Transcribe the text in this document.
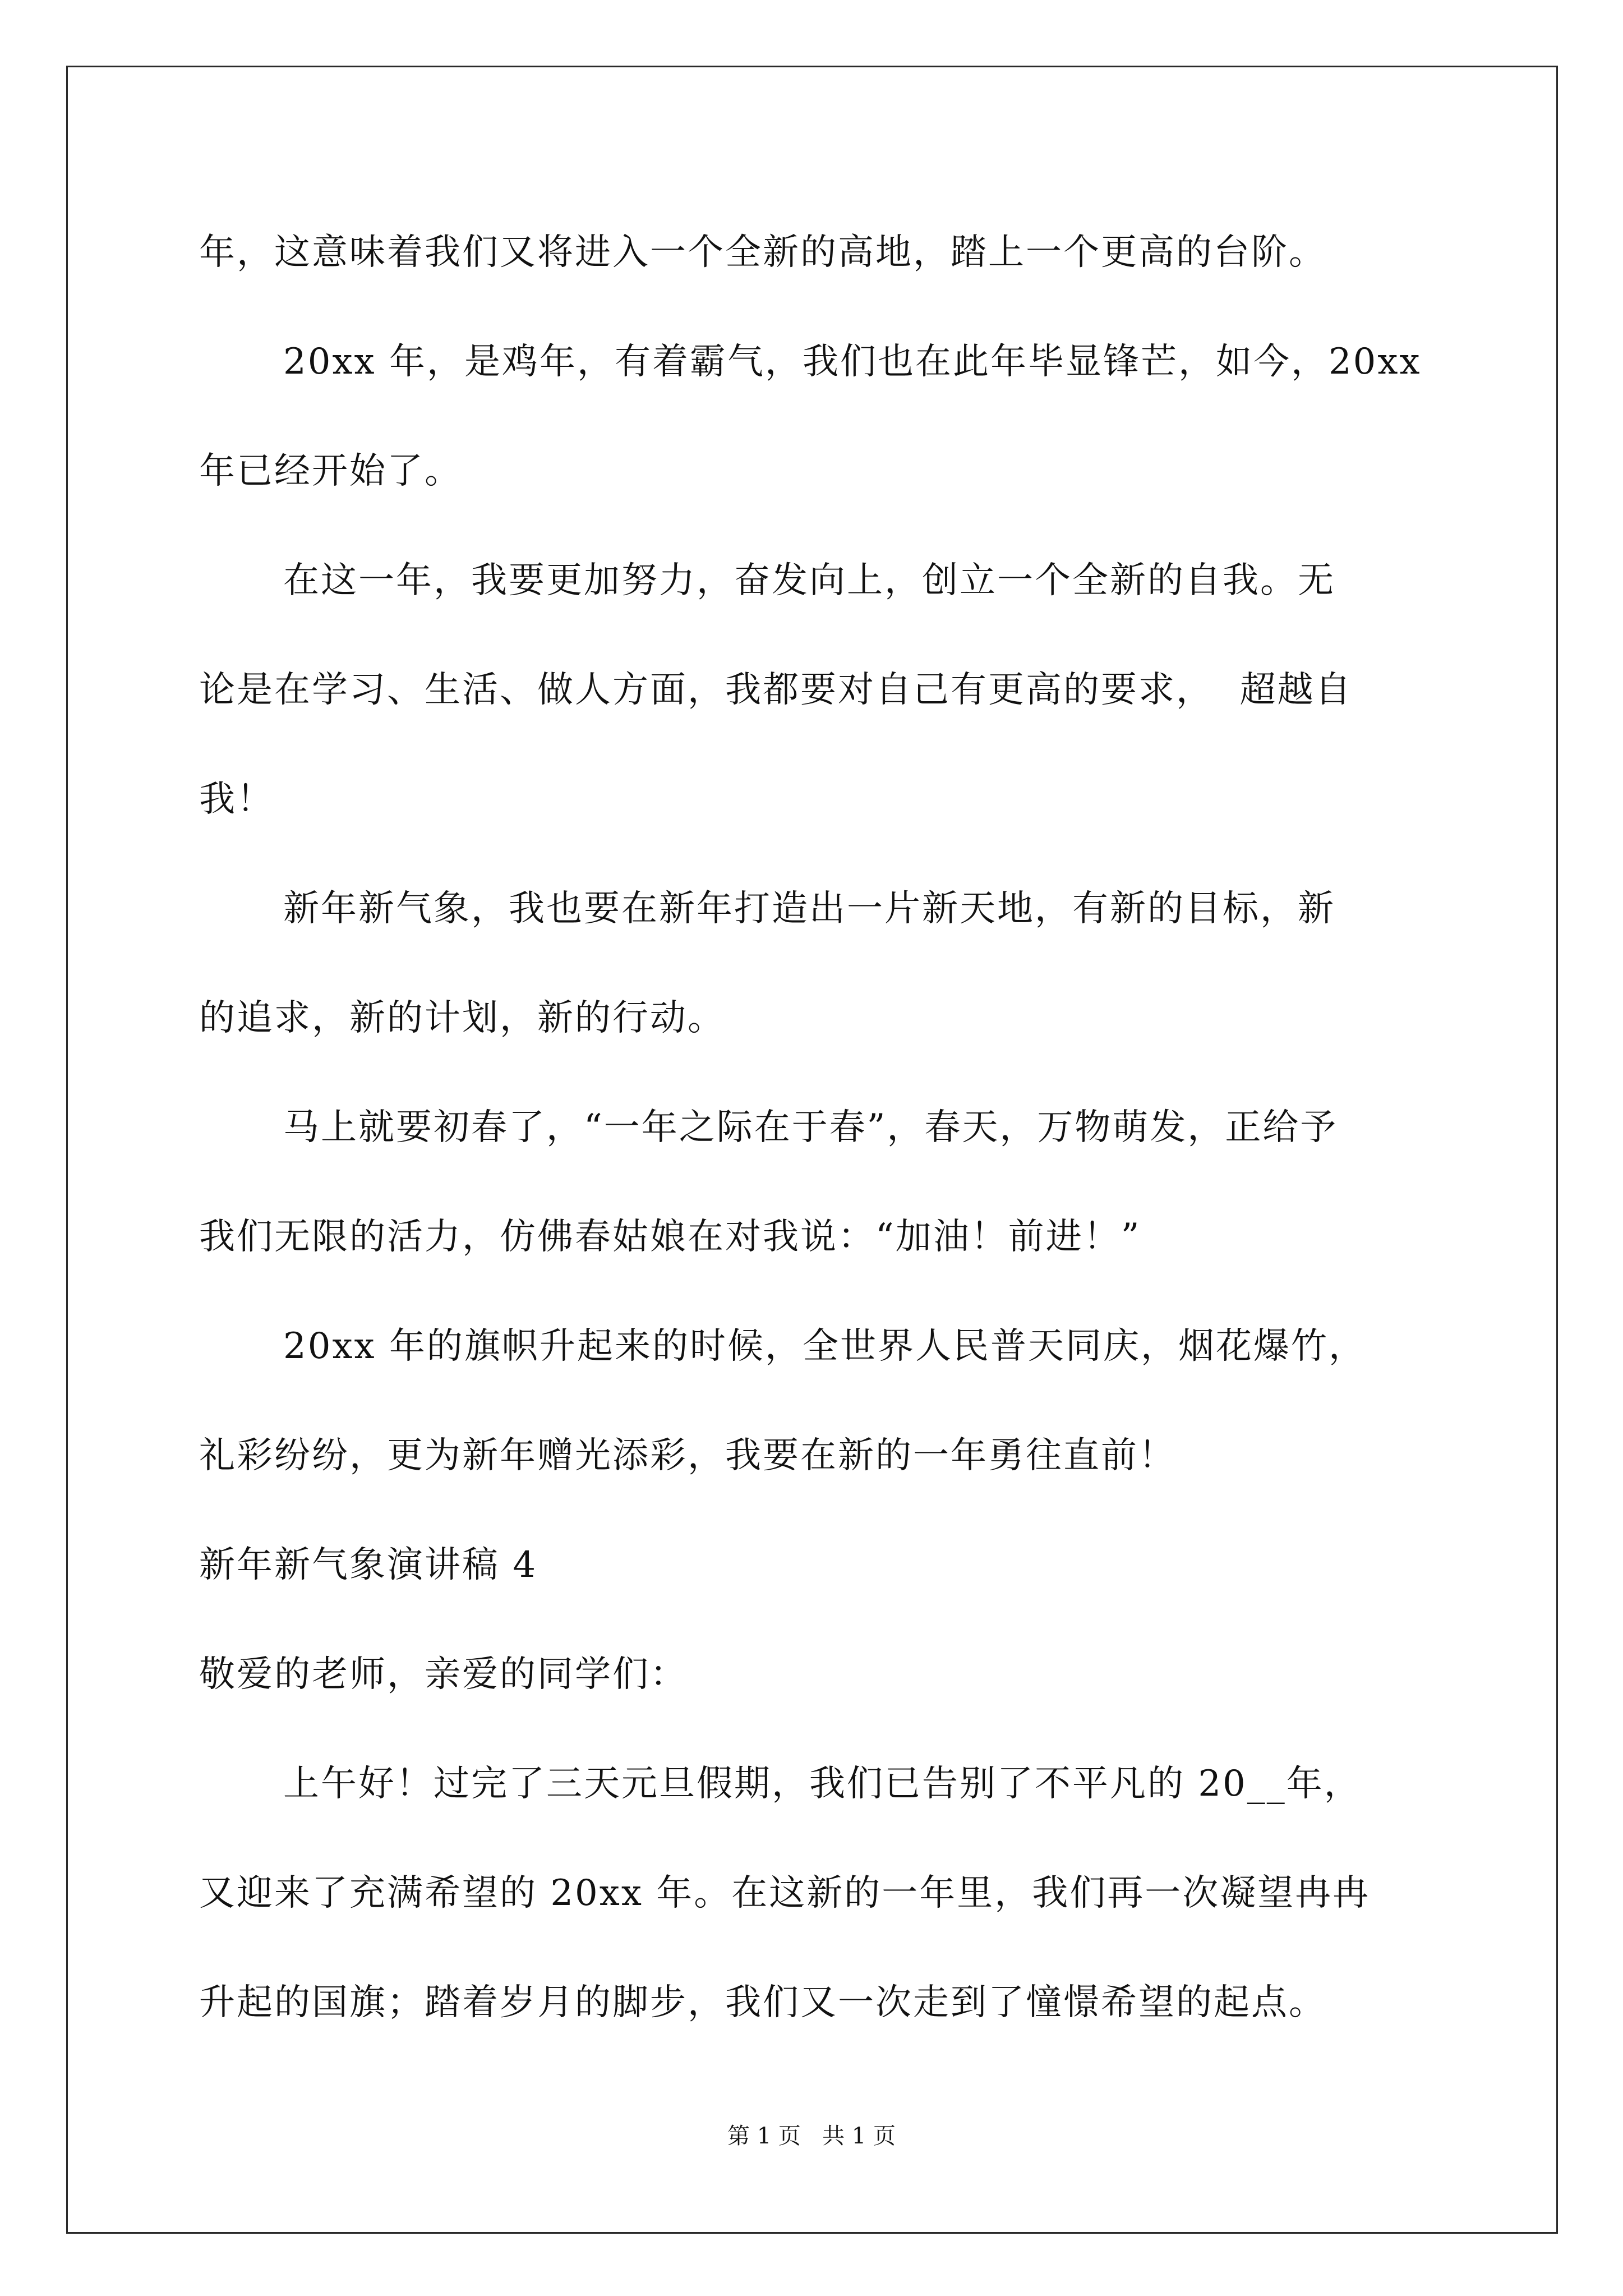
年，这意味着我们又将进入一个全新的高地，踏上一个更高的台阶。
20xx 年，是鸡年，有着霸气，我们也在此年毕显锋芒，如今，20xx
年已经开始了。
在这一年，我要更加努力，奋发向上，创立一个全新的自我。无
论是在学习、生活、做人方面，我都要对自己有更高的要求，  超越自
我！
新年新气象，我也要在新年打造出一片新天地，有新的目标，新
的追求，新的计划，新的行动。
马上就要初春了，“一年之际在于春”，春天，万物萌发，正给予
我们无限的活力，仿佛春姑娘在对我说：“加油！前进！”
20xx 年的旗帜升起来的时候，全世界人民普天同庆，烟花爆竹，
礼彩纷纷，更为新年赠光添彩，我要在新的一年勇往直前！
新年新气象演讲稿 4
敬爱的老师，亲爱的同学们：
上午好！过完了三天元旦假期，我们已告别了不平凡的 20__年，
又迎来了充满希望的 20xx 年。在这新的一年里，我们再一次凝望冉冉
升起的国旗；踏着岁月的脚步，我们又一次走到了憧憬希望的起点。
第 1 页   共 1 页
